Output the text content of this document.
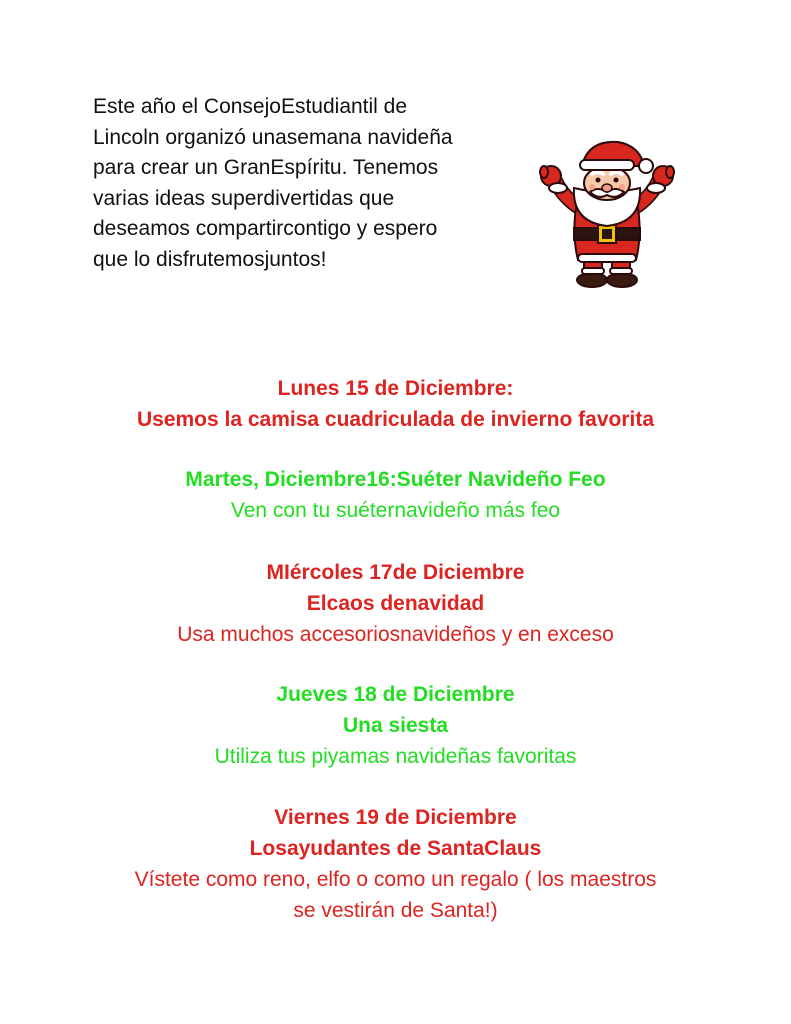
Este año el ConsejoEstudiantil de
Lincoln organizó unasemana navideña
para crear un GranEspíritu. Tenemos
varias ideas superdivertidas que
deseamos compartircontigo y espero
que lo disfrutemosjuntos!

Lunes 15 de Diciembre:
Usemos la camisa cuadriculada de invierno favorita
Martes, Diciembre16:Suéter Navideño Feo
Ven con tu suéternavideño más feo
MIércoles 17de Diciembre
Elcaos denavidad
Usa muchos accesoriosnavideños y en exceso
Jueves 18 de Diciembre
Una siesta
Utiliza tus piyamas navideñas favoritas
Viernes 19 de Diciembre
Losayudantes de SantaClaus
Vístete como reno, elfo o como un regalo ( los maestros
se vestirán de Santa!)
